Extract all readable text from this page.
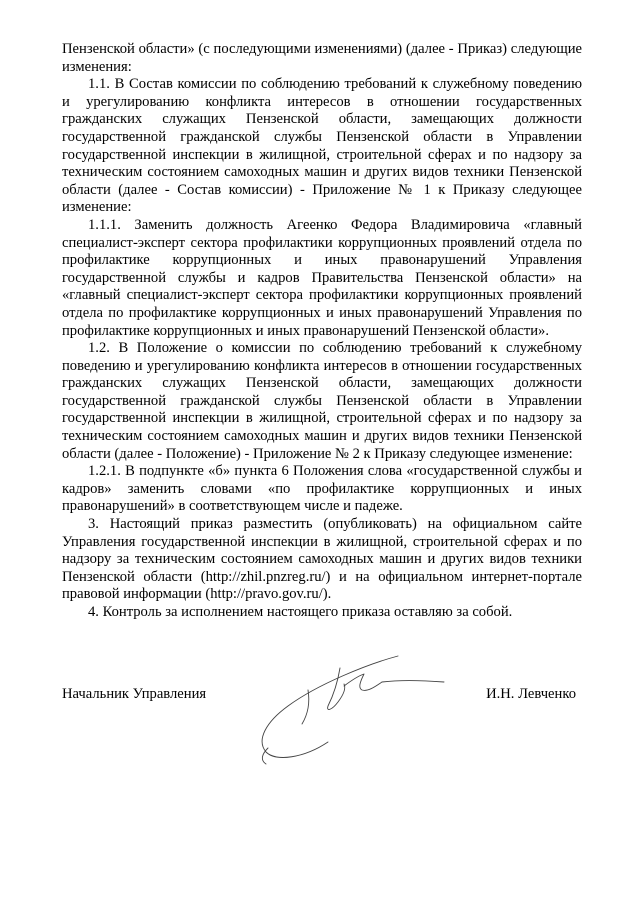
Пензенской области» (с последующими изменениями) (далее - Приказ) следующие изменения:

1.1. В Состав комиссии по соблюдению требований к служебному поведению и урегулированию конфликта интересов в отношении государственных гражданских служащих Пензенской области, замещающих должности государственной гражданской службы Пензенской области в Управлении государственной инспекции в жилищной, строительной сферах и по надзору за техническим состоянием самоходных машин и других видов техники Пензенской области (далее - Состав комиссии) - Приложение № 1 к Приказу следующее изменение:

1.1.1. Заменить должность Агеенко Федора Владимировича «главный специалист-эксперт сектора профилактики коррупционных проявлений отдела по профилактике коррупционных и иных правонарушений Управления государственной службы и кадров Правительства Пензенской области» на «главный специалист-эксперт сектора профилактики коррупционных проявлений отдела по профилактике коррупционных и иных правонарушений Управления по профилактике коррупционных и иных правонарушений Пензенской области».

1.2. В Положение о комиссии по соблюдению требований к служебному поведению и урегулированию конфликта интересов в отношении государственных гражданских служащих Пензенской области, замещающих должности государственной гражданской службы Пензенской области в Управлении государственной инспекции в жилищной, строительной сферах и по надзору за техническим состоянием самоходных машин и других видов техники Пензенской области (далее - Положение) - Приложение № 2 к Приказу следующее изменение:

1.2.1. В подпункте «б» пункта 6 Положения слова «государственной службы и кадров» заменить словами «по профилактике коррупционных и иных правонарушений» в соответствующем числе и падеже.

3. Настоящий приказ разместить (опубликовать) на официальном сайте Управления государственной инспекции в жилищной, строительной сферах и по надзору за техническим состоянием самоходных машин и других видов техники Пензенской области (http://zhil.pnzreg.ru/) и на официальном интернет-портале правовой информации (http://pravo.gov.ru/).

4. Контроль за исполнением настоящего приказа оставляю за собой.

Начальник Управления	И.Н. Левченко
